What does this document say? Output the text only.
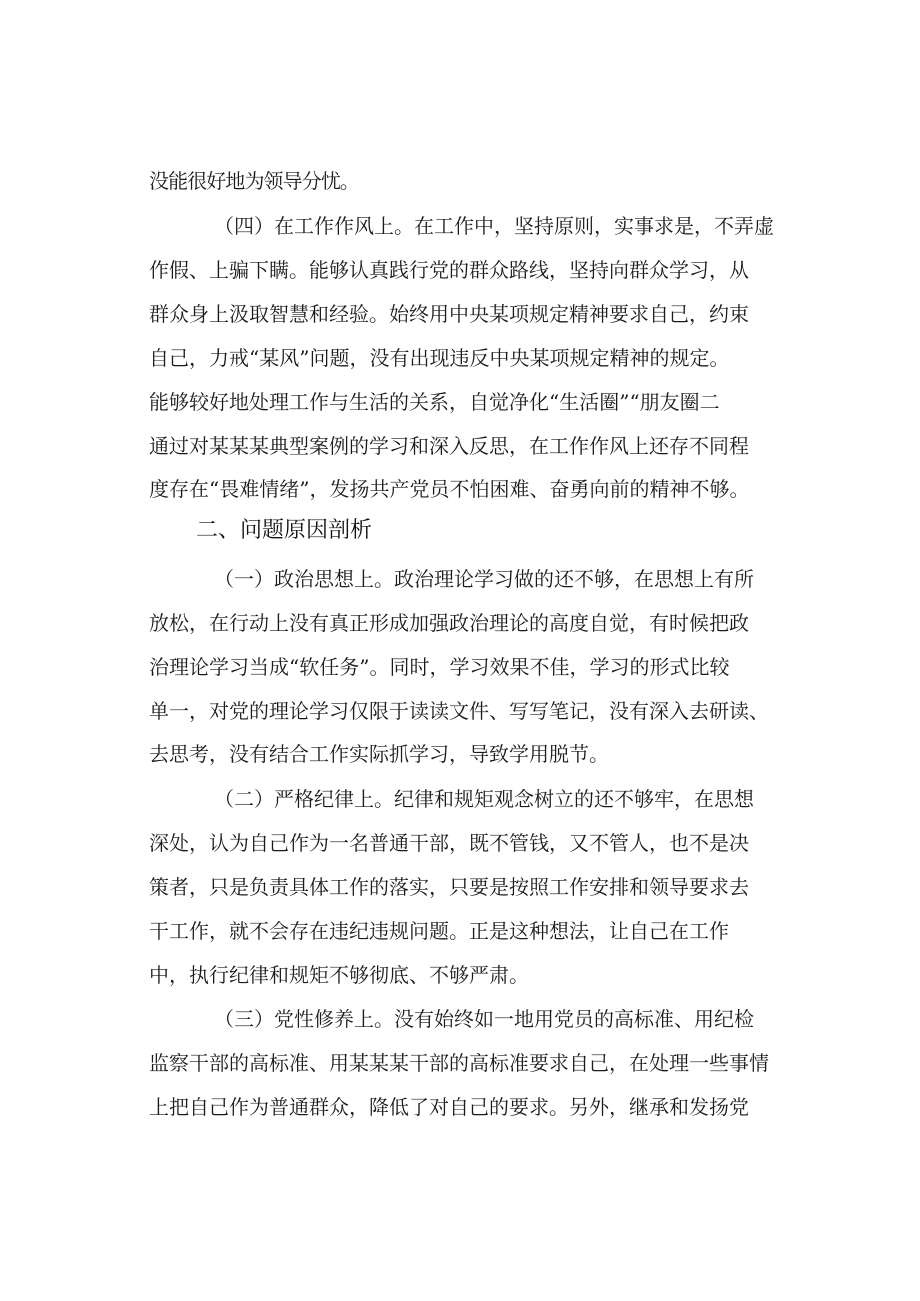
没能很好地为领导分忧。
（四）在工作作风上。在工作中，坚持原则，实事求是，不弄虚
作假、上骗下瞒。能够认真践行党的群众路线，坚持向群众学习，从
群众身上汲取智慧和经验。始终用中央某项规定精神要求自己，约束
自己，力戒“某风”问题，没有出现违反中央某项规定精神的规定。
能够较好地处理工作与生活的关系，自觉净化“生活圈”“朋友圈二
通过对某某某典型案例的学习和深入反思，在工作作风上还存不同程
度存在“畏难情绪”，发扬共产党员不怕困难、奋勇向前的精神不够。
二、问题原因剖析
（一）政治思想上。政治理论学习做的还不够，在思想上有所
放松，在行动上没有真正形成加强政治理论的高度自觉，有时候把政
治理论学习当成“软任务”。同时，学习效果不佳，学习的形式比较
单一，对党的理论学习仅限于读读文件、写写笔记，没有深入去研读、
去思考，没有结合工作实际抓学习，导致学用脱节。
（二）严格纪律上。纪律和规矩观念树立的还不够牢，在思想
深处，认为自己作为一名普通干部，既不管钱，又不管人，也不是决
策者，只是负责具体工作的落实，只要是按照工作安排和领导要求去
干工作，就不会存在违纪违规问题。正是这种想法，让自己在工作
中，执行纪律和规矩不够彻底、不够严肃。
（三）党性修养上。没有始终如一地用党员的高标准、用纪检
监察干部的高标准、用某某某干部的高标准要求自己，在处理一些事情
上把自己作为普通群众，降低了对自己的要求。另外，继承和发扬党
